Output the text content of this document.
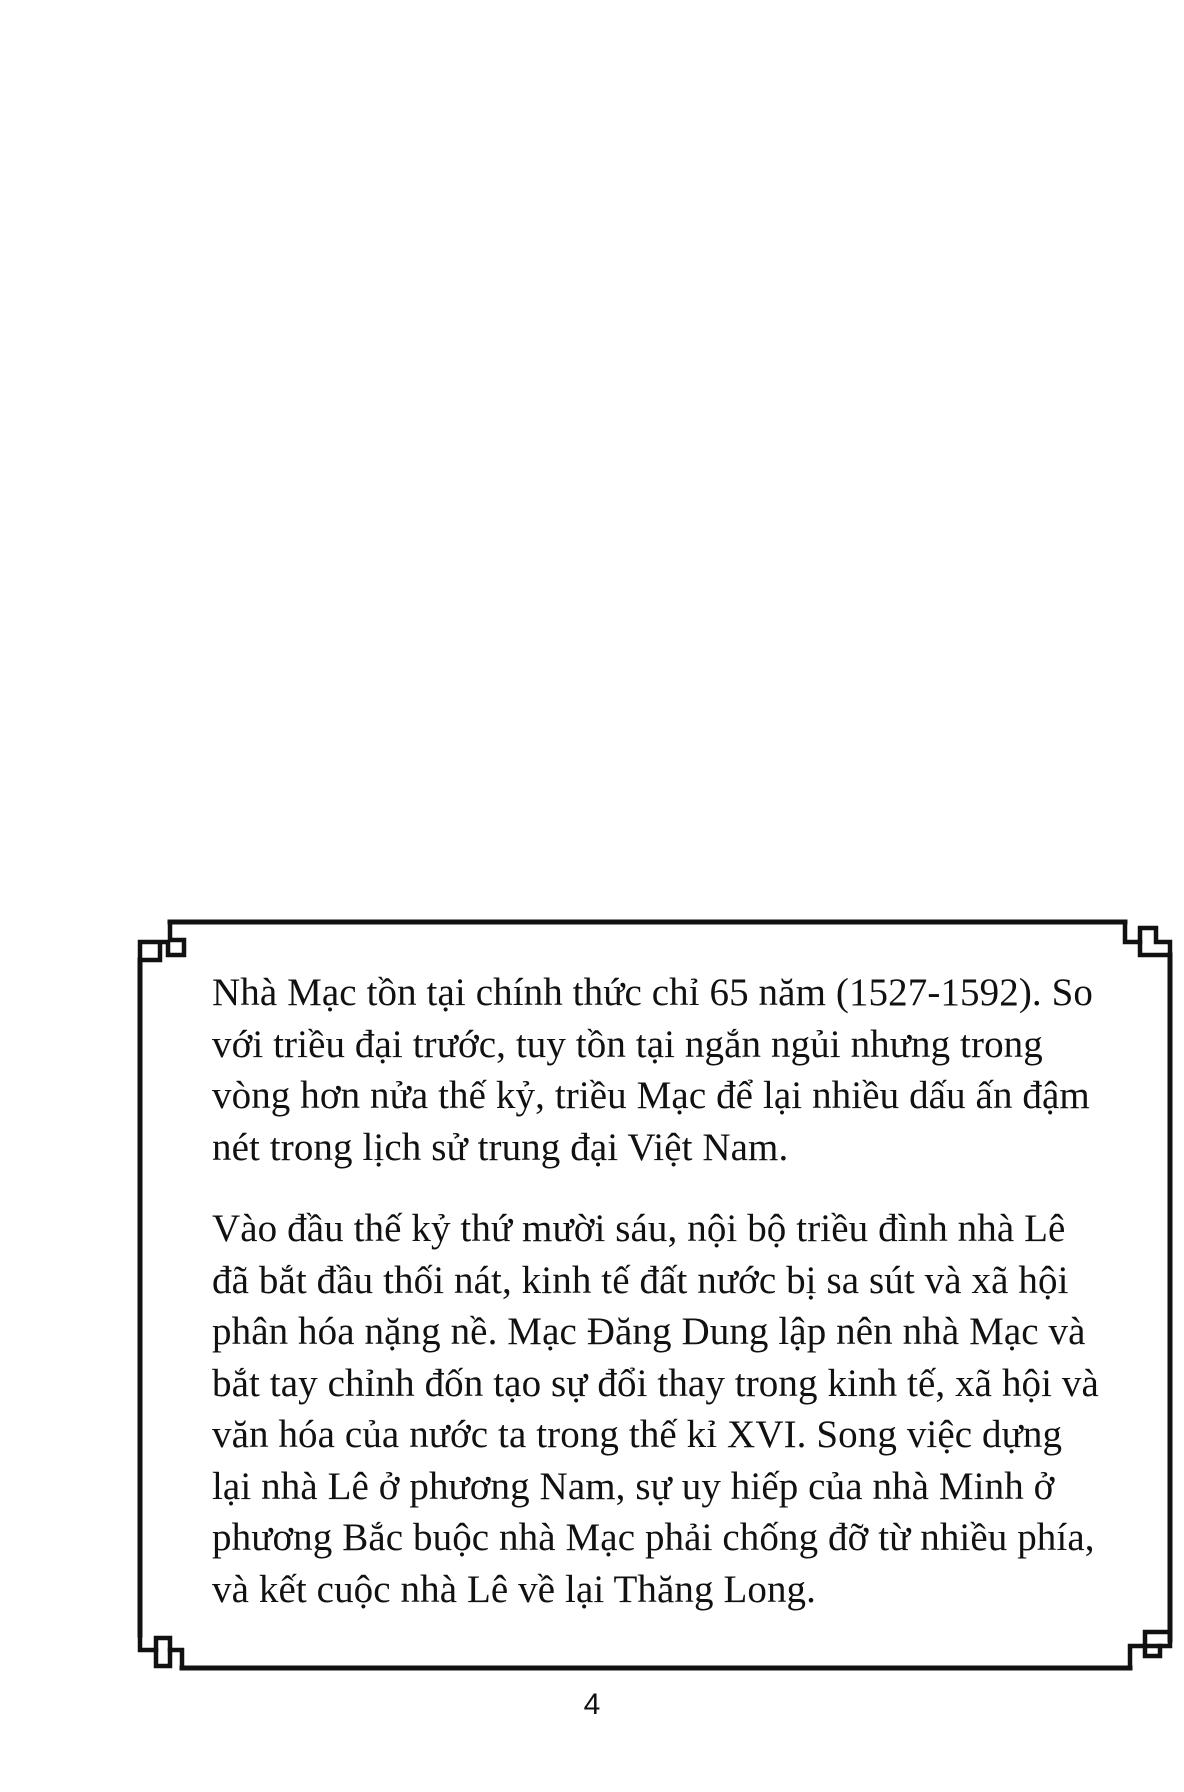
Nhà Mạc tồn tại chính thức chỉ 65 năm (1527-1592). So
với triều đại trước, tuy tồn tại ngắn ngủi nhưng trong
vòng hơn nửa thế kỷ, triều Mạc để lại nhiều dấu ấn đậm
nét trong lịch sử trung đại Việt Nam.

Vào đầu thế kỷ thứ mười sáu, nội bộ triều đình nhà Lê
đã bắt đầu thối nát, kinh tế đất nước bị sa sút và xã hội
phân hóa nặng nề. Mạc Đăng Dung lập nên nhà Mạc và
bắt tay chỉnh đốn tạo sự đổi thay trong kinh tế, xã hội và
văn hóa của nước ta trong thế kỉ XVI. Song việc dựng
lại nhà Lê ở phương Nam, sự uy hiếp của nhà Minh ở
phương Bắc buộc nhà Mạc phải chống đỡ từ nhiều phía,
và kết cuộc nhà Lê về lại Thăng Long.

4
